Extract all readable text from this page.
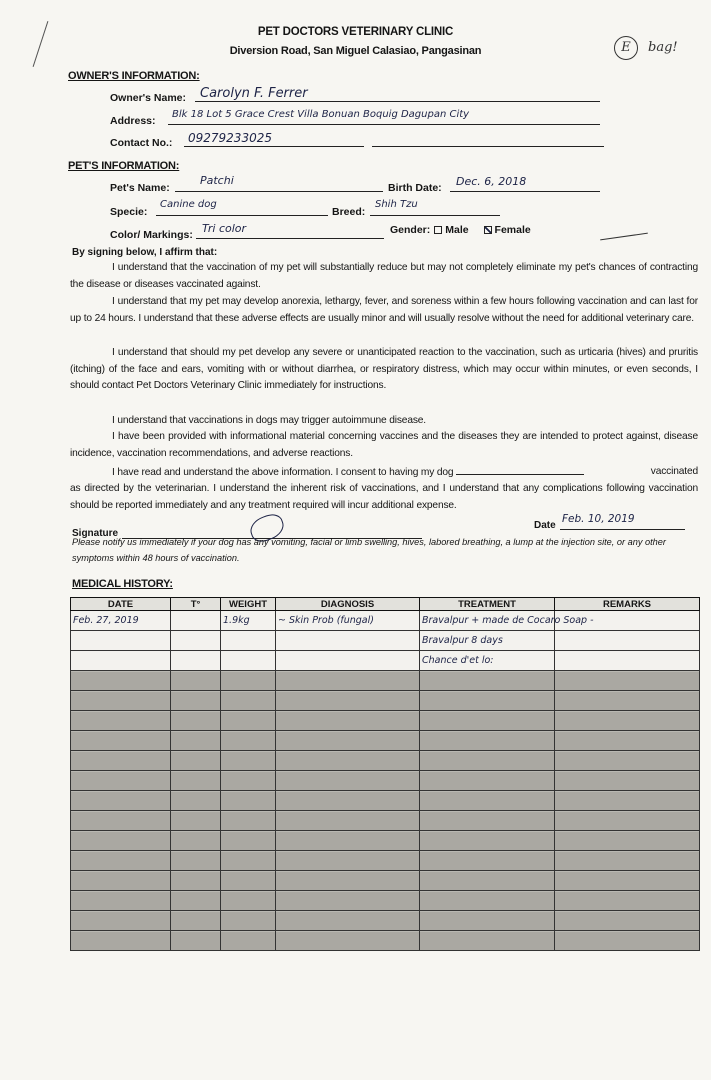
PET DOCTORS VETERINARY CLINIC
Diversion Road, San Miguel Calasiao, Pangasinan	E	bag!
OWNER'S INFORMATION:
Owner's Name: Carolyn F. Ferrer
Address:
Blk 18 Lot 5 Grace Crest Villa Bonuan Boquig Dagupan City
Contact No.: 09279233025
PET'S INFORMATION:
Pet's Name:
Patchi
Birth Date: Dec. 6, 2018
Specie:
Canine dog
Breed:
Shih Tzu
Color/ Markings: Tri color	Gender: Male Female
By signing below, I affirm that:
I understand that the vaccination of my pet will substantially reduce but may not completely eliminate my pet's chances of contracting the disease or diseases vaccinated against.
I understand that my pet may develop anorexia, lethargy, fever, and soreness within a few hours following vaccination and can last for up to 24 hours. I understand that these adverse effects are usually minor and will usually resolve without the need for additional veterinary care.
I understand that should my pet develop any severe or unanticipated reaction to the vaccination, such as urticaria (hives) and pruritis (itching) of the face and ears, vomiting with or without diarrhea, or respiratory distress, which may occur within minutes, or even seconds, I should contact Pet Doctors Veterinary Clinic immediately for instructions.
I understand that vaccinations in dogs may trigger autoimmune disease.
I have been provided with informational material concerning vaccines and the diseases they are intended to protect against, disease incidence, vaccination recommendations, and adverse reactions.
I have read and understand the above information. I consent to having my dog	vaccinated
as directed by the veterinarian. I understand the inherent risk of vaccinations, and I understand that any complications following vaccination should be reported immediately and any treatment required will incur additional expense.
Signature
Date
Feb. 10, 2019
Please notify us immediately if your dog has any vomiting, facial or limb swelling, hives, labored breathing, a lump at the injection site, or any other symptoms within 48 hours of vaccination.
MEDICAL HISTORY:
DATE	T°	WEIGHT	DIAGNOSIS	TREATMENT	REMARKS
Feb. 27, 2019		1.9kg	~ Skin Prob (fungal)	Bravalpur + made de Cocaro Soap -	
				Bravalpur 8 days	
				Chance d'et lo:	
